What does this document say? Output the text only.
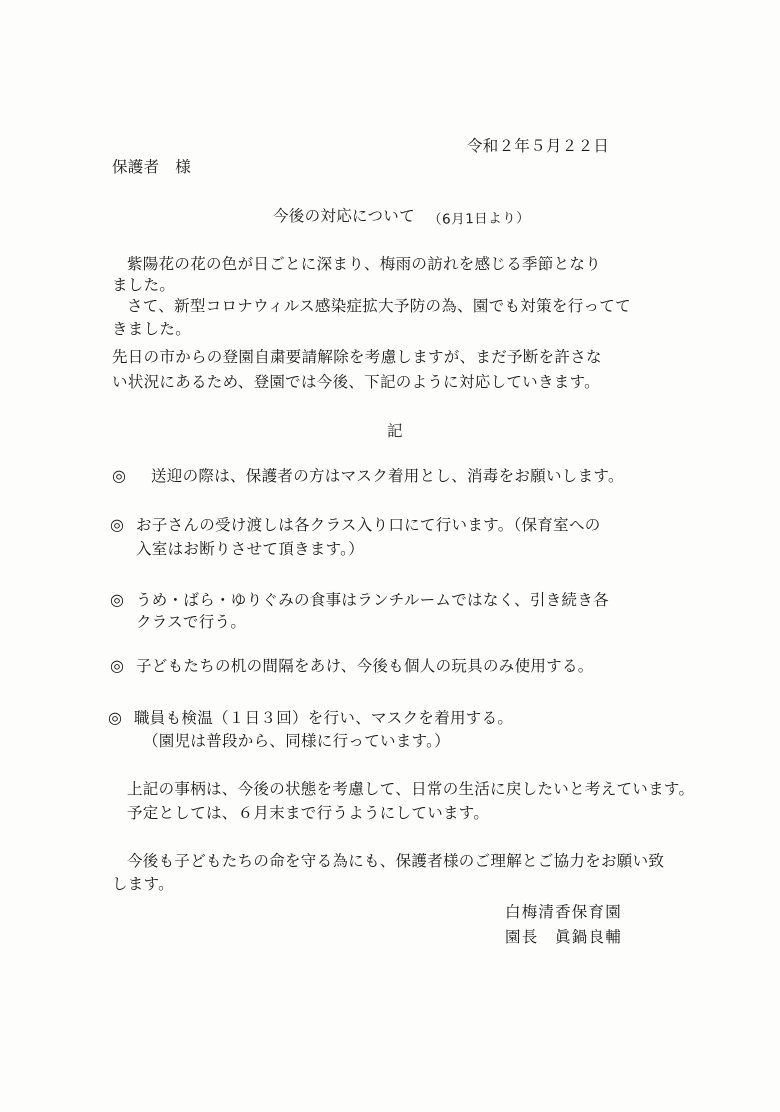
令和２年５月２２日
保護者　様
今後の対応について （6月1日より）
紫陽花の花の色が日ごとに深まり、梅雨の訪れを感じる季節となり
ました。
さて、新型コロナウィルス感染症拡大予防の為、園でも対策を行ってて
きました。
先日の市からの登園自粛要請解除を考慮しますが、まだ予断を許さな
い状況にあるため、登園では今後、下記のように対応していきます。
記
◎ 送迎の際は、保護者の方はマスク着用とし、消毒をお願いします。
◎ お子さんの受け渡しは各クラス入り口にて行います。（保育室への
入室はお断りさせて頂きます。）
◎ うめ・ばら・ゆりぐみの食事はランチルームではなく、引き続き各
クラスで行う。
◎ 子どもたちの机の間隔をあけ、今後も個人の玩具のみ使用する。
◎ 職員も検温（１日３回）を行い、マスクを着用する。
（園児は普段から、同様に行っています。）
上記の事柄は、今後の状態を考慮して、日常の生活に戻したいと考えています。
予定としては、６月末まで行うようにしています。
今後も子どもたちの命を守る為にも、保護者様のご理解とご協力をお願い致
します。
白梅清香保育園
園長　眞鍋良輔
